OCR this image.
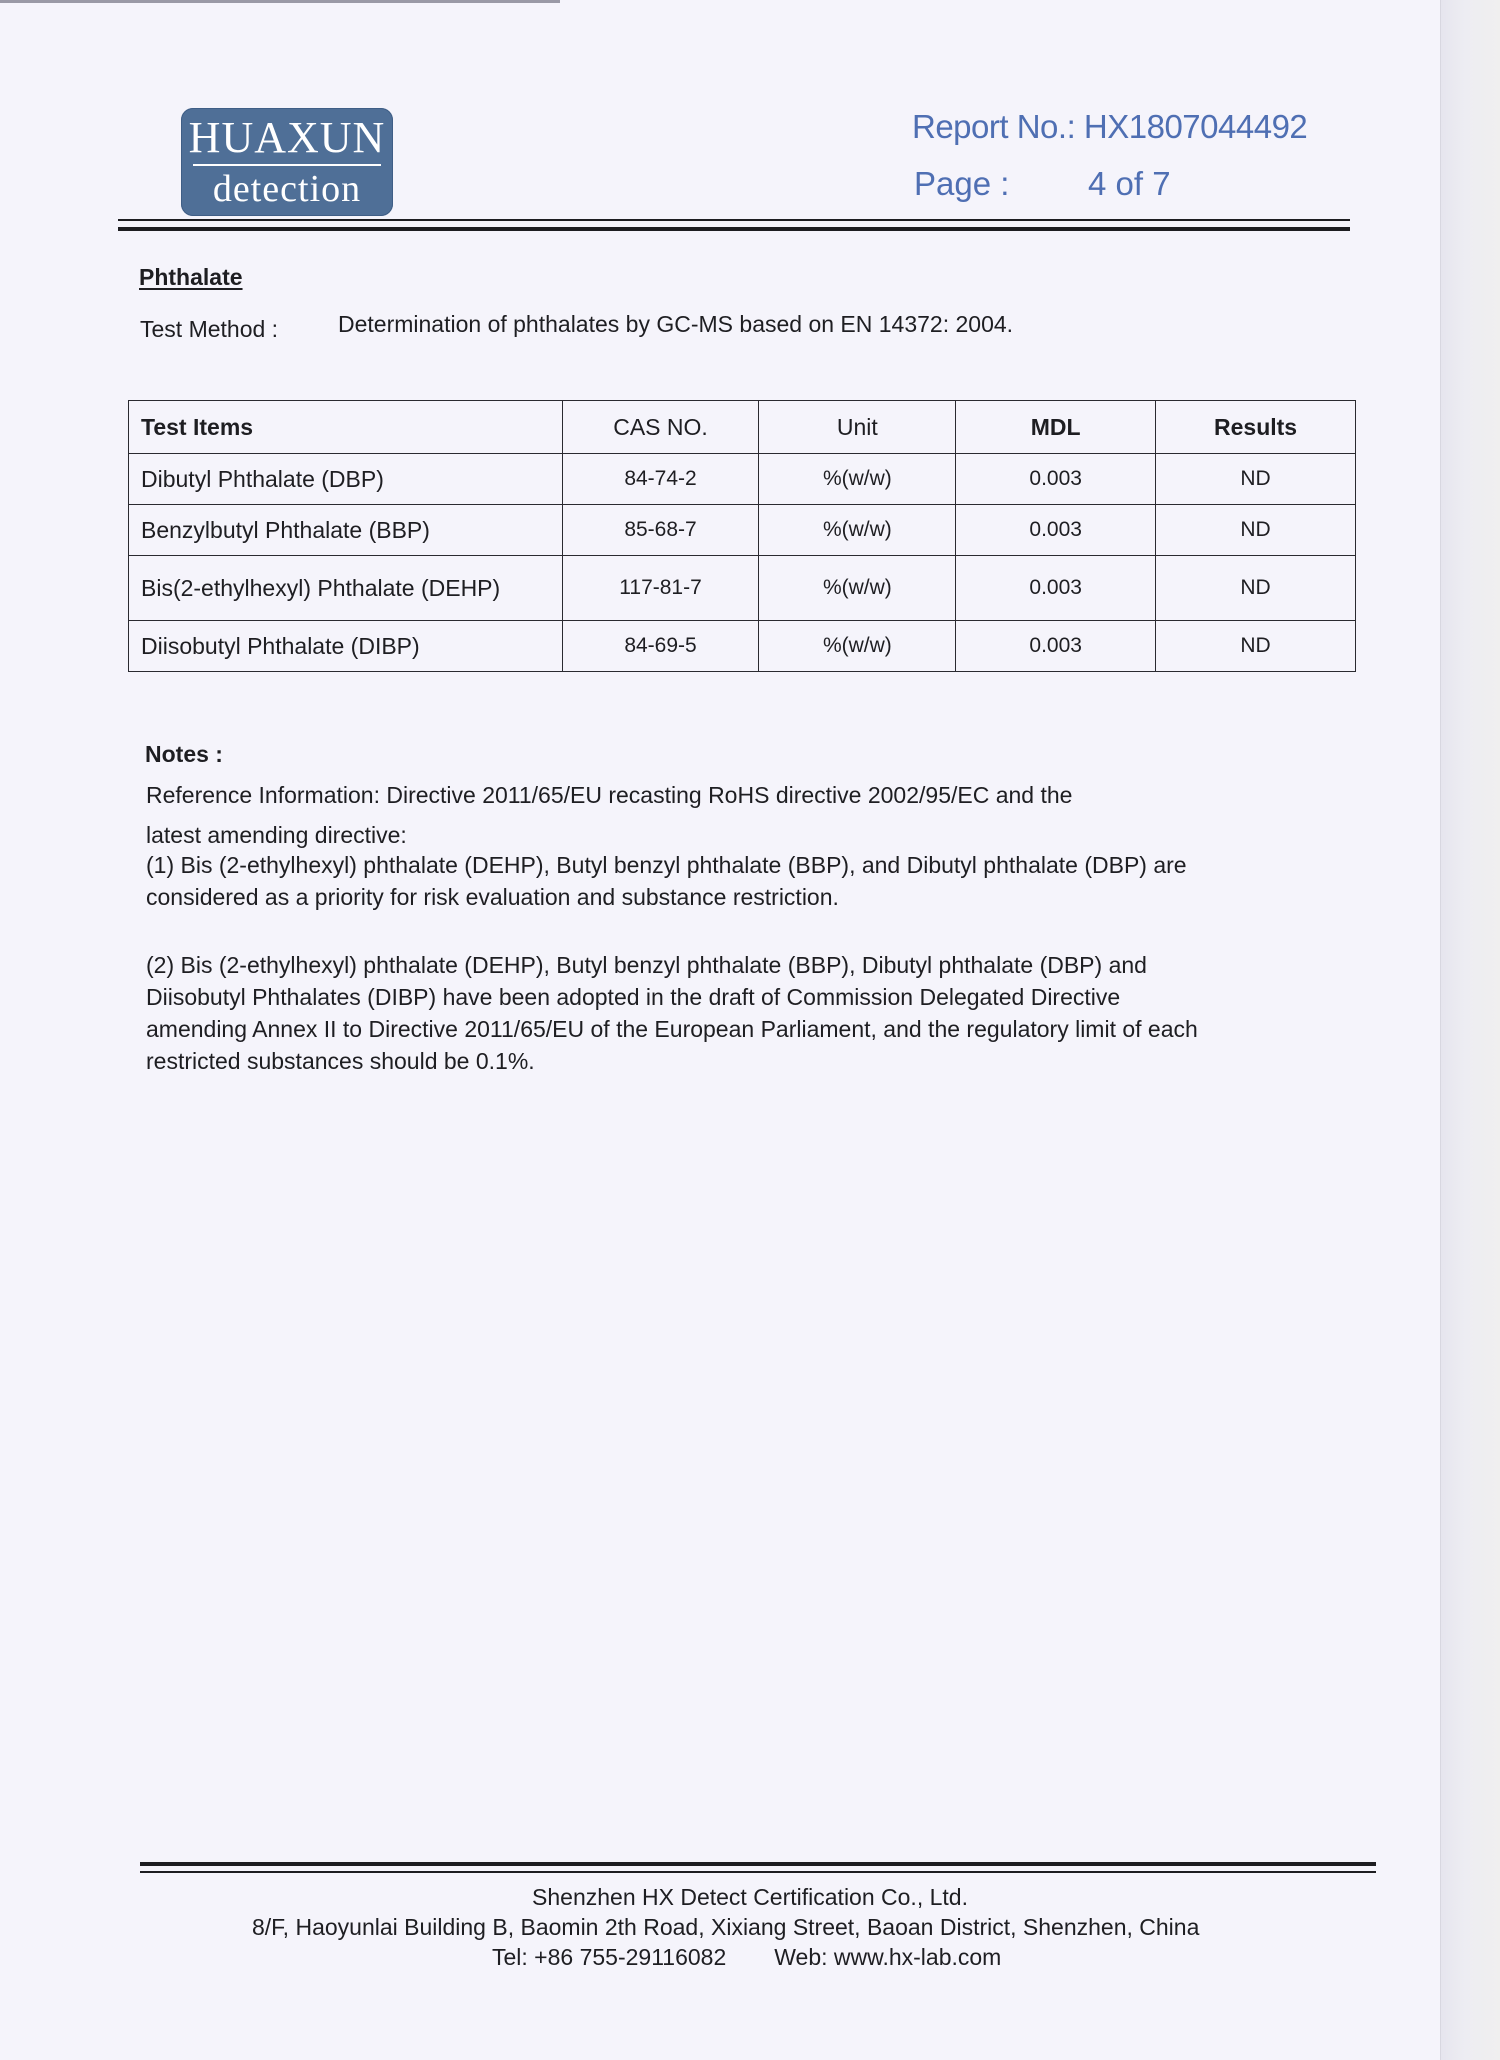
HUAXUN
detection
Report No.: HX1807044492
Page : 4 of 7
Phthalate
Test Method :	Determination of phthalates by GC-MS based on EN 14372: 2004.
Test Items	CAS NO.	Unit	MDL	Results
Dibutyl Phthalate (DBP)	84-74-2	%(w/w)	0.003	ND
Benzylbutyl Phthalate (BBP)	85-68-7	%(w/w)	0.003	ND
Bis(2-ethylhexyl) Phthalate (DEHP)	117-81-7	%(w/w)	0.003	ND
Diisobutyl Phthalate (DIBP)	84-69-5	%(w/w)	0.003	ND
Notes :
Reference Information: Directive 2011/65/EU recasting RoHS directive 2002/95/EC and the
latest amending directive:
(1) Bis (2-ethylhexyl) phthalate (DEHP), Butyl benzyl phthalate (BBP), and Dibutyl phthalate (DBP) are
considered as a priority for risk evaluation and substance restriction.
(2) Bis (2-ethylhexyl) phthalate (DEHP), Butyl benzyl phthalate (BBP), Dibutyl phthalate (DBP) and
Diisobutyl Phthalates (DIBP) have been adopted in the draft of Commission Delegated Directive
amending Annex II to Directive 2011/65/EU of the European Parliament, and the regulatory limit of each
restricted substances should be 0.1%.
Shenzhen HX Detect Certification Co., Ltd.
8/F, Haoyunlai Building B, Baomin 2th Road, Xixiang Street, Baoan District, Shenzhen, China
Tel: +86 755-29116082 Web: www.hx-lab.com
